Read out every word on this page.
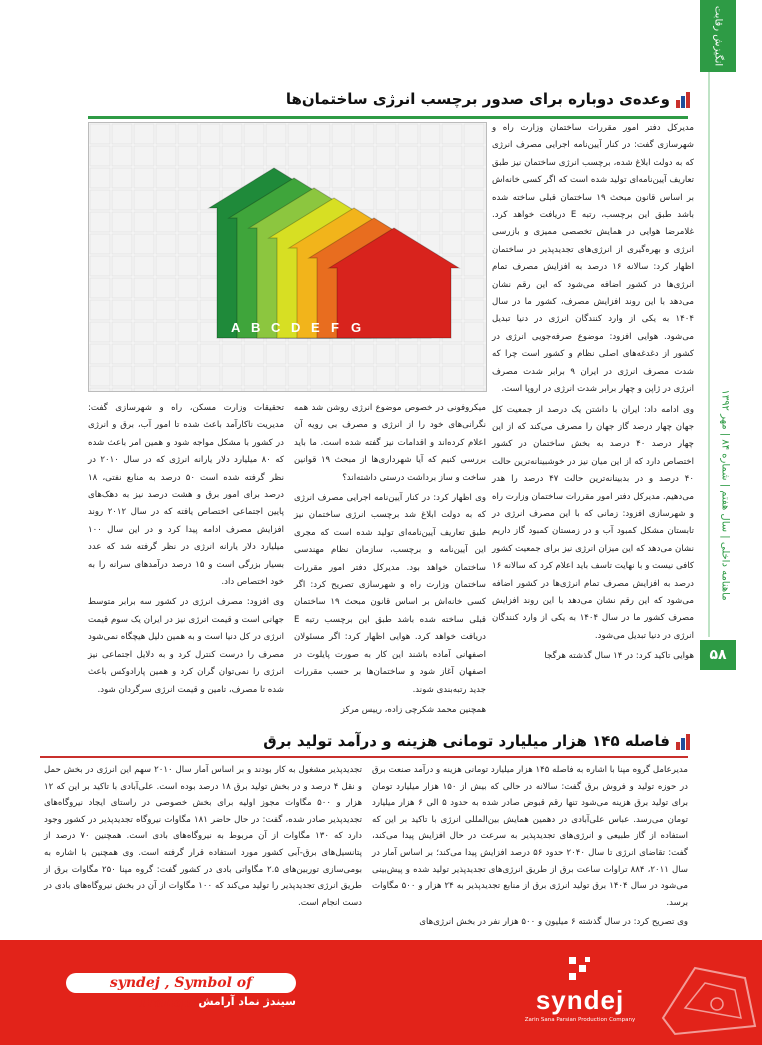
انگیزش رقابت
ماهنامه داخلی | سال هفتم | شماره ۸۴ | مهر ۱۳۹۲
۵۸
وعده‌ی دوباره برای صدور برچسب انرژی ساختمان‌ها
A B C D E F G

مدیرکل دفتر امور مقررات ساختمان وزارت راه و شهرسازی گفت: در کنار آیین‌نامه اجرایی مصرف انرژی که به دولت ابلاغ شده، برچسب انرژی ساختمان نیز طبق تعاریف آیین‌نامه‌ای تولید شده است که اگر کسی خانه‌اش بر اساس قانون مبحث ۱۹ ساختمان قبلی ساخته شده باشد طبق این برچسب، رتبه E دریافت خواهد کرد. غلامرضا هوایی در همایش تخصصی ممیزی و بازرسی انرژی و بهره‌گیری از انرژی‌های تجدیدپذیر در ساختمان اظهار کرد: سالانه ۱۶ درصد به افزایش مصرف تمام انرژی‌ها در کشور اضافه می‌شود که این رقم نشان می‌دهد با این روند افزایش مصرف، کشور ما در سال ۱۴۰۴ به یکی از وارد کنندگان انرژی در دنیا تبدیل می‌شود. هوایی افزود: موضوع صرفه‌جویی انرژی در کشور از دغدغه‌های اصلی نظام و کشور است چرا که شدت مصرف انرژی در ایران ۹ برابر شدت مصرف انرژی در ژاپن و چهار برابر شدت انرژی در اروپا است.

وی ادامه داد: ایران با داشتن یک درصد از جمعیت کل جهان چهار درصد گاز جهان را مصرف می‌کند که از این چهار درصد ۴۰ درصد به بخش ساختمان در کشور اختصاص دارد که از این میان نیز در خوشبینانه‌ترین حالت ۴۰ درصد و در بدبینانه‌ترین حالت ۴۷ درصد را هدر می‌دهیم. مدیرکل دفتر امور مقررات ساختمان وزارت راه و شهرسازی افزود: زمانی که با این مصرف انرژی در تابستان مشکل کمبود آب و در زمستان کمبود گاز داریم نشان می‌دهد که این میزان انرژی نیز برای جمعیت کشور کافی نیست و با نهایت تاسف باید اعلام کرد که سالانه ۱۶ درصد به افزایش مصرف تمام انرژی‌ها در کشور اضافه می‌شود که این رقم نشان می‌دهد با این روند افزایش مصرف کشور ما در سال ۱۴۰۴ به یکی از وارد کنندگان انرژی در دنیا تبدیل می‌شود.

هوایی تاکید کرد: در ۱۴ سال گذشته هرگجا

میکروفونی در خصوص موضوع انرژی روشن شد همه نگرانی‌های خود را از انرژی و مصرف بی رویه آن اعلام کرده‌اند و اقدامات نیز گفته شده است. ما باید بررسی کنیم که آیا شهرداری‌ها از مبحث ۱۹ قوانین ساخت و ساز برداشت درستی داشته‌اند؟

وی اظهار کرد: در کنار آیین‌نامه اجرایی مصرف انرژی که به دولت ابلاغ شد برچسب انرژی ساختمان نیز طبق تعاریف آیین‌نامه‌ای تولید شده است که مجری این آیین‌نامه و برچسب، سازمان نظام مهندسی ساختمان خواهد بود. مدیرکل دفتر امور مقررات ساختمان وزارت راه و شهرسازی تصریح کرد: اگر کسی خانه‌اش بر اساس قانون مبحث ۱۹ ساختمان قبلی ساخته شده باشد طبق این برچسب رتبه E دریافت خواهد کرد. هوایی اظهار کرد: اگر مسئولان اصفهانی آماده باشند این کار به صورت پایلوت در اصفهان آغاز شود و ساختمان‌ها بر حسب مقررات جدید رتبه‌بندی شوند.

همچنین محمد شکرچی زاده، رییس مرکز

تحقیقات وزارت مسکن، راه و شهرسازی گفت: مدیریت ناکارآمد باعث شده تا امور آب، برق و انرژی در کشور با مشکل مواجه شود و همین امر باعث شده که ۸۰ میلیارد دلار یارانه انرژی که در سال ۲۰۱۰ در نظر گرفته شده است ۵۰ درصد به منابع نفتی، ۱۸ درصد برای امور برق و هشت درصد نیز به دهک‌های پایین اجتماعی اختصاص یافته که در سال ۲۰۱۲ روند افزایش مصرف ادامه پیدا کرد و در این سال ۱۰۰ میلیارد دلار یارانه انرژی در نظر گرفته شد که عدد بسیار بزرگی است و ۱۵ درصد درآمدهای سرانه را به خود اختصاص داد.

وی افزود: مصرف انرژی در کشور سه برابر متوسط جهانی است و قیمت انرژی نیز در ایران یک سوم قیمت انرژی در کل دنیا است و به همین دلیل هیچگاه نمی‌شود مصرف را درست کنترل کرد و به دلایل اجتماعی نیز انرژی را نمی‌توان گران کرد و همین پارادوکس باعث شده تا مصرف، تامین و قیمت انرژی سرگردان شود.

فاصله ۱۴۵ هزار میلیارد تومانی هزینه و درآمد تولید برق

مدیرعامل گروه مپنا با اشاره به فاصله ۱۴۵ هزار میلیارد تومانی هزینه و درآمد صنعت برق در حوزه تولید و فروش برق گفت: سالانه در حالی که بیش از ۱۵۰ هزار میلیارد تومان برای تولید برق هزینه می‌شود تنها رقم قبوض صادر شده به حدود ۵ الی ۶ هزار میلیارد تومان می‌رسد. عباس علی‌آبادی در دهمین همایش بین‌المللی انرژی با تاکید بر این که استفاده از گاز طبیعی و انرژی‌های تجدیدپذیر به سرعت در حال افزایش پیدا می‌کند، گفت: تقاضای انرژی تا سال ۲۰۴۰ حدود ۵۶ درصد افزایش پیدا می‌کند؛ بر اساس آمار در سال ۲۰۱۱، ۸۸۴ تراوات ساعت برق از طریق انرژی‌های تجدیدپذیر تولید شده و پیش‌بینی می‌شود در سال ۱۴۰۴ برق تولید انرژی برق از منابع تجدیدپذیر به ۲۴ هزار و ۵۰۰ مگاوات برسد.

وی تصریح کرد: در سال گذشته ۶ میلیون و ۵۰۰ هزار نفر در بخش انرژی‌های

تجدیدپذیر مشغول به کار بودند و بر اساس آمار سال ۲۰۱۰ سهم این انرژی در بخش حمل و نقل ۴ درصد و در بخش تولید برق ۱۸ درصد بوده است. علی‌آبادی با تاکید بر این که ۱۲ هزار و ۵۰۰ مگاوات مجوز اولیه برای بخش خصوصی در راستای ایجاد نیروگاه‌های تجدیدپذیر صادر شده، گفت: در حال حاضر ۱۸۱ مگاوات نیروگاه تجدیدپذیر در کشور وجود دارد که ۱۳۰ مگاوات از آن مربوط به نیروگاه‌های بادی است. همچنین ۷۰ درصد از پتانسیل‌های برق-آبی کشور مورد استفاده قرار گرفته است. وی همچنین با اشاره به بومی‌سازی توربین‌های ۲.۵ مگاواتی بادی در کشور گفت: گروه مپنا ۲۵۰ مگاوات برق از طریق انرژی تجدیدپذیر را تولید می‌کند که ۱۰۰ مگاوات از آن در بخش نیروگاه‌های بادی در دست انجام است.

syndej
Zarin Sana Parsian Production Company
syndej , Symbol of Tranquility
سیندژ نماد آرامش
